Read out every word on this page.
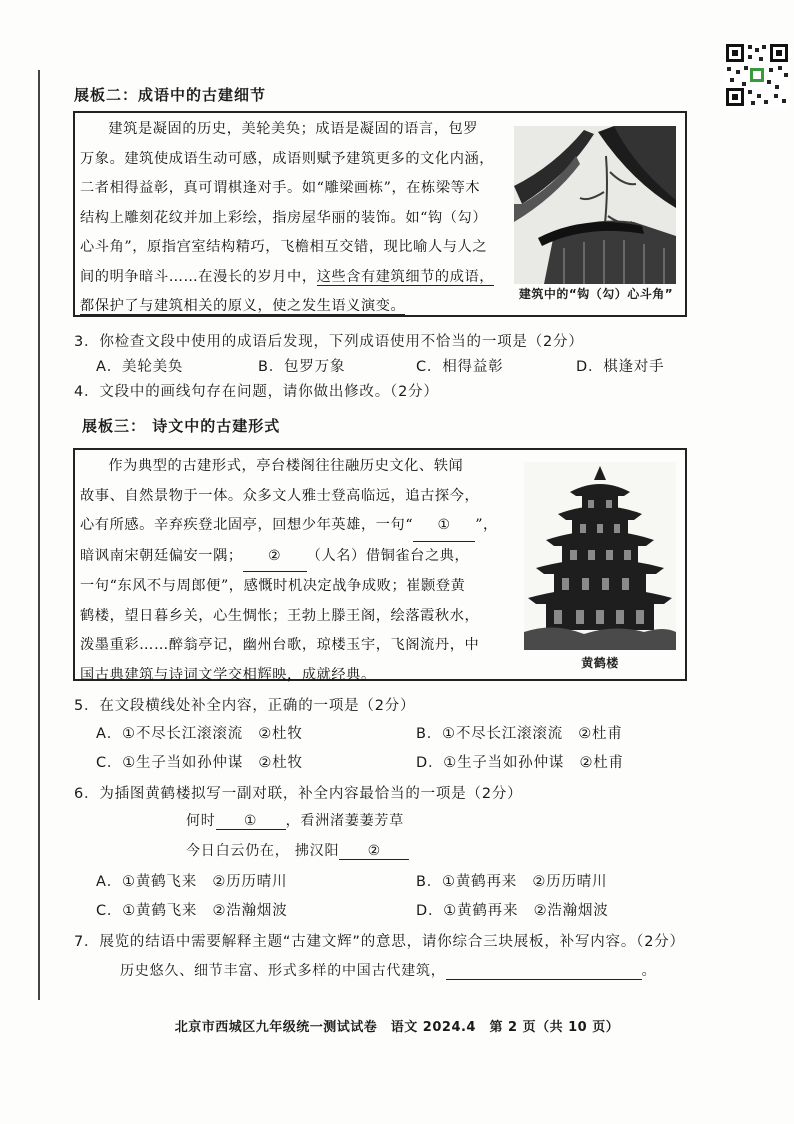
展板二：成语中的古建细节

建筑是凝固的历史，美轮美奂；成语是凝固的语言，包罗

万象。建筑使成语生动可感，成语则赋予建筑更多的文化内涵，
二者相得益彰，真可谓棋逢对手。如“雕梁画栋”，在栋梁等木
结构上雕刻花纹并加上彩绘，指房屋华丽的装饰。如“钩（勾）
心斗角”，原指宫室结构精巧，飞檐相互交错，现比喻人与人之
间的明争暗斗……在漫长的岁月中，这些含有建筑细节的成语，
都保护了与建筑相关的原义，使之发生语义演变。
建筑中的“钩（勾）心斗角”
3．你检查文段中使用的成语后发现，下列成语使用不恰当的一项是（2分）
A．美轮美奂	B．包罗万象	C．相得益彰	D．棋逢对手
4．文段中的画线句存在问题，请你做出修改。（2分）
展板三： 诗文中的古建形式

作为典型的古建形式，亭台楼阁往往融历史文化、轶闻

故事、自然景物于一体。众多文人雅士登高临远，追古探今，
心有所感。辛弃疾登北固亭，回想少年英雄，一句“ ① ”，
暗讽南宋朝廷偏安一隅； ② （人名）借铜雀台之典，
一句“东风不与周郎便”，感慨时机决定战争成败；崔颢登黄
鹤楼，望日暮乡关，心生惆怅；王勃上滕王阁，绘落霞秋水，
泼墨重彩……醉翁亭记，幽州台歌，琼楼玉宇，飞阁流丹，中
国古典建筑与诗词文学交相辉映，成就经典。
黄鹤楼
5．在文段横线处补全内容，正确的一项是（2分）
A．①不尽长江滚滚流　②杜牧	B．①不尽长江滚滚流　②杜甫
C．①生子当如孙仲谋　②杜牧	D．①生子当如孙仲谋　②杜甫
6．为插图黄鹤楼拟写一副对联，补全内容最恰当的一项是（2分）
何时 ① ，看洲渚萋萋芳草
今日白云仍在， 拂汉阳 ②
A．①黄鹤飞来　②历历晴川	B．①黄鹤再来　②历历晴川
C．①黄鹤飞来　②浩瀚烟波	D．①黄鹤再来　②浩瀚烟波
7．展览的结语中需要解释主题“古建文辉”的意思，请你综合三块展板，补写内容。（2分）
历史悠久、细节丰富、形式多样的中国古代建筑，	。
北京市西城区九年级统一测试试卷　语文 2024.4　第 2 页（共 10 页）
